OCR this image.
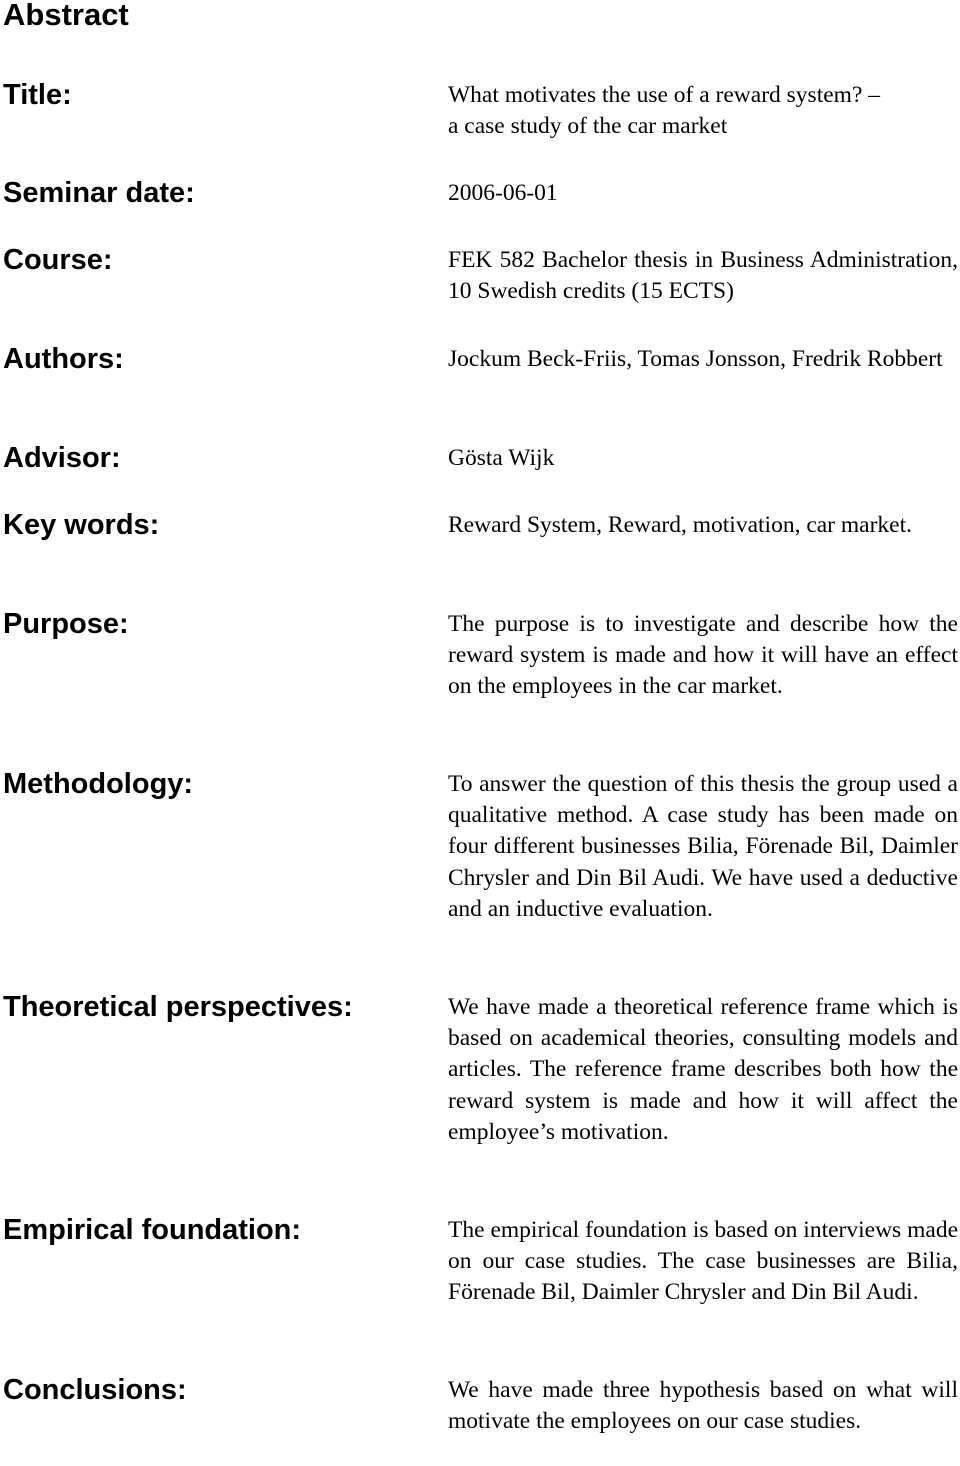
Abstract
Title:	What motivates the use of a reward system? –
a case study of the car market
Seminar date:	2006-06-01
Course:	FEK 582 Bachelor thesis in Business Administration, 10 Swedish credits (15 ECTS)
Authors:	Jockum Beck-Friis, Tomas Jonsson, Fredrik Robbert
Advisor:	Gösta Wijk
Key words:	Reward System, Reward, motivation, car market.
Purpose:	The purpose is to investigate and describe how the reward system is made and how it will have an effect on the employees in the car market.
Methodology:	To answer the question of this thesis the group used a qualitative method. A case study has been made on four different businesses Bilia, Förenade Bil, Daimler Chrysler and Din Bil Audi. We have used a deductive and an inductive evaluation.
Theoretical perspectives:	We have made a theoretical reference frame which is based on academical theories, consulting models and articles. The reference frame describes both how the reward system is made and how it will affect the employee’s motivation.
Empirical foundation:	The empirical foundation is based on interviews made on our case studies. The case businesses are Bilia, Förenade Bil, Daimler Chrysler and Din Bil Audi.
Conclusions:	We have made three hypothesis based on what will motivate the employees on our case studies.
